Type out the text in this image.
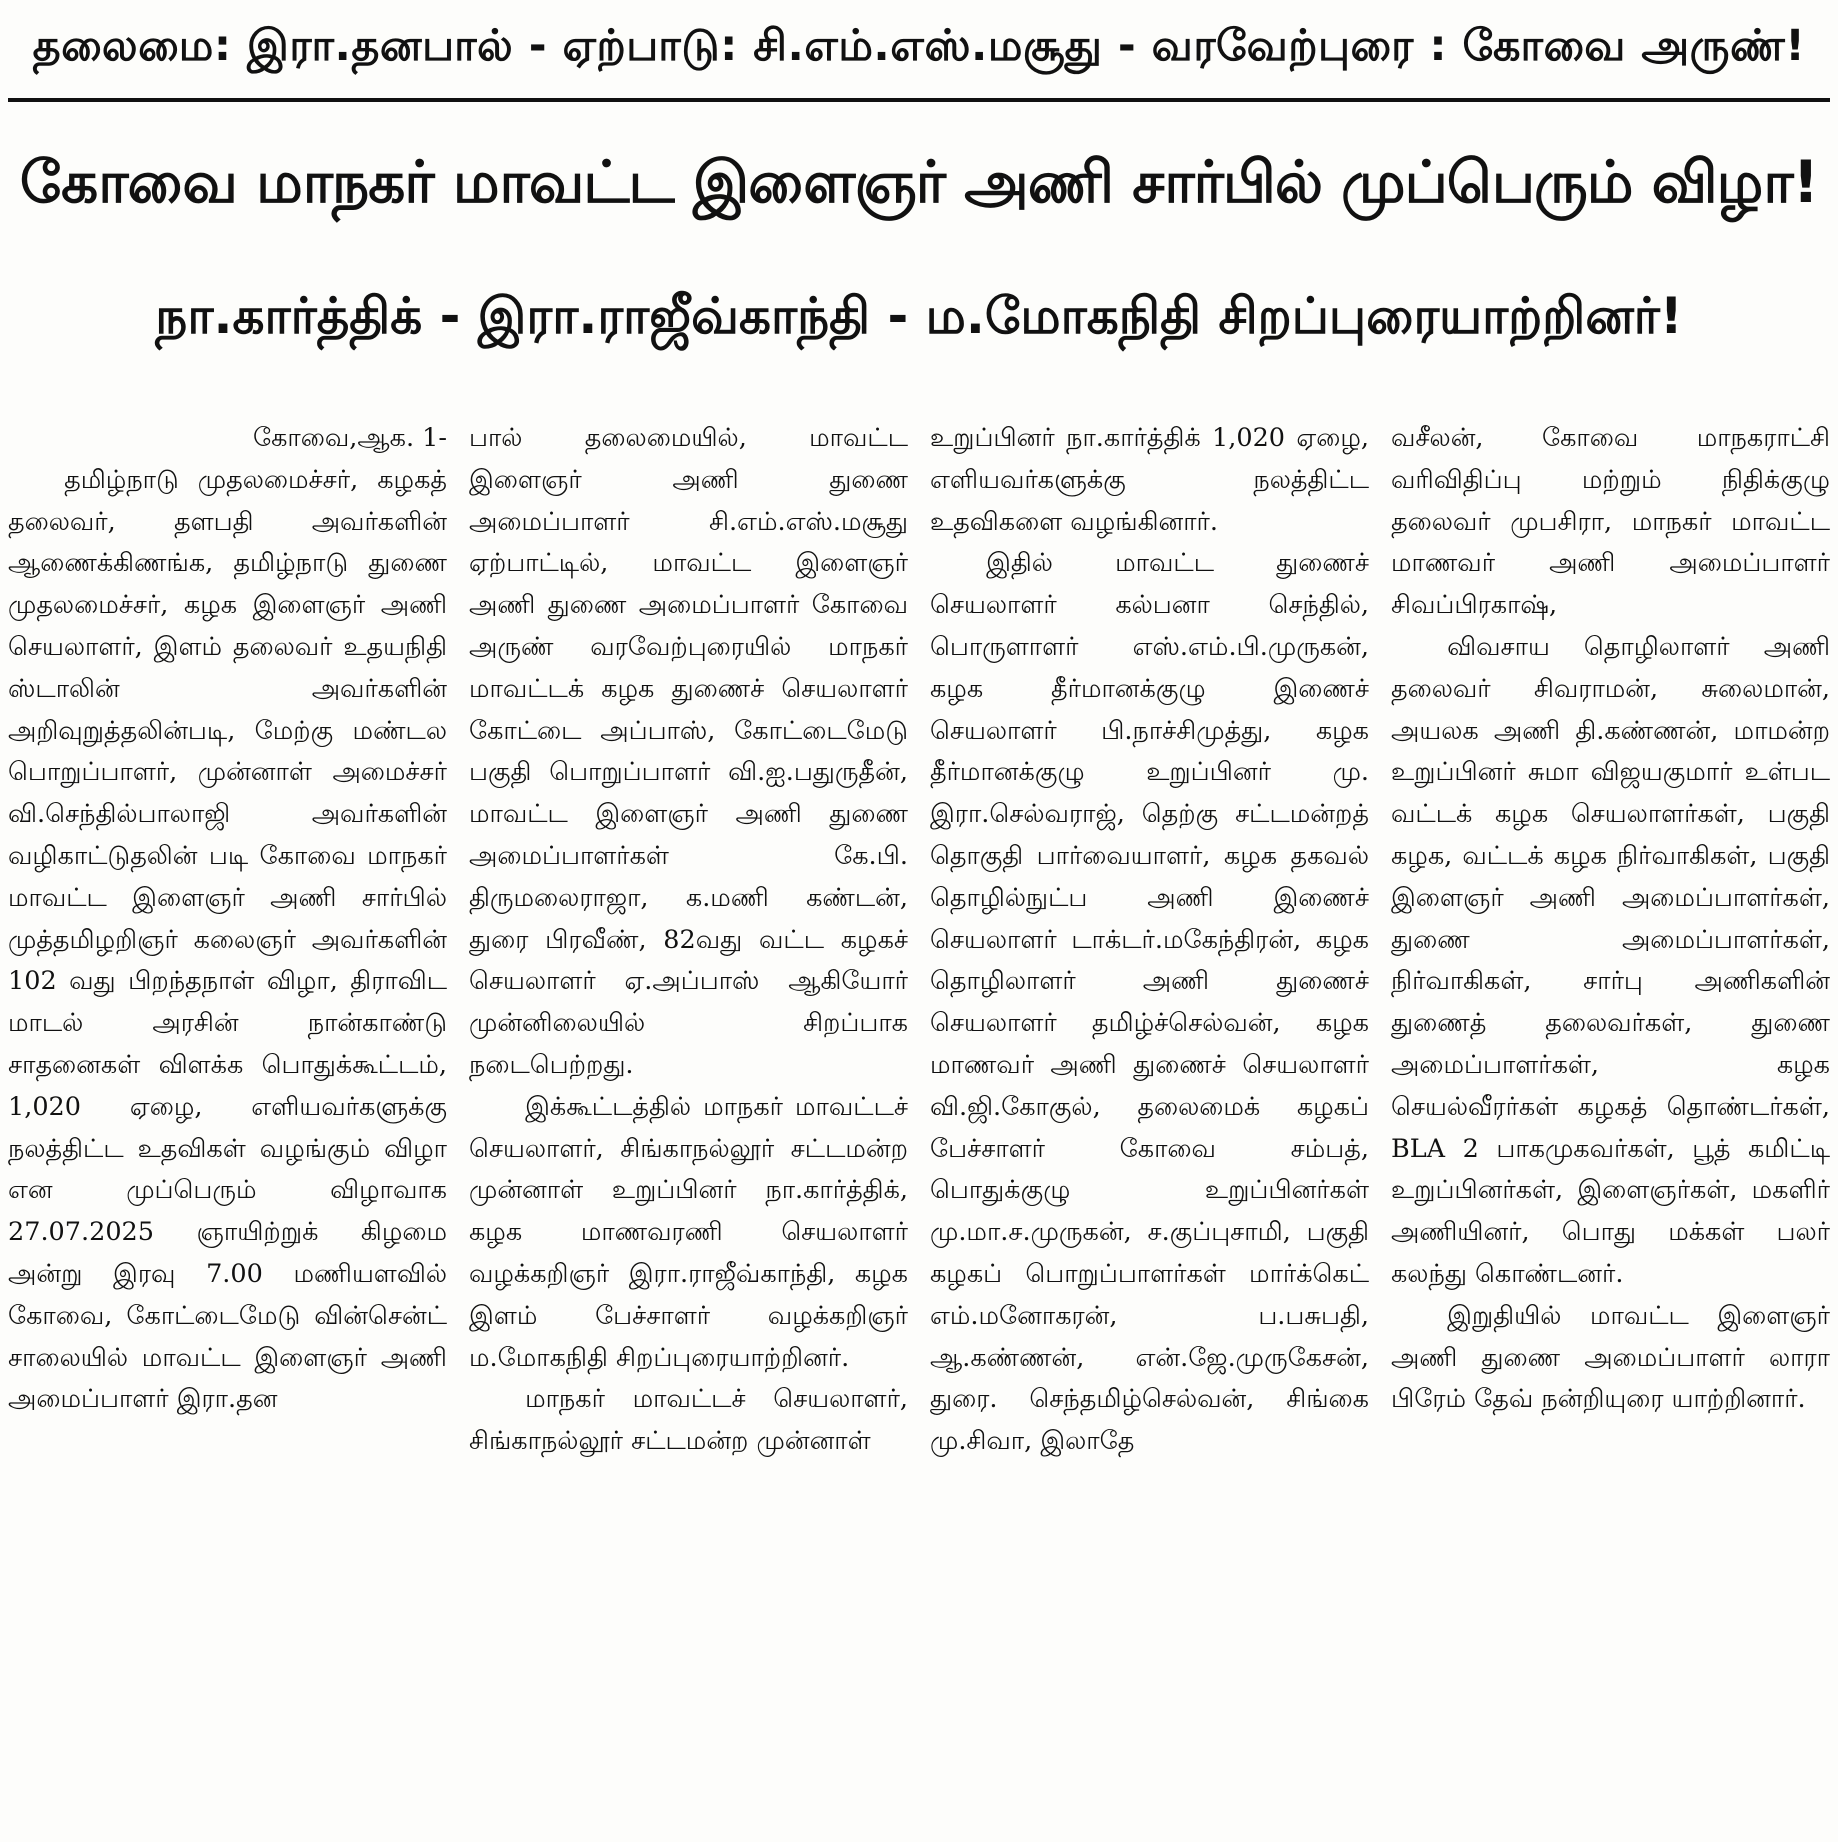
தலைமை: இரா.தனபால் - ஏற்பாடு: சி.எம்.எஸ்.மசூது - வரவேற்புரை : கோவை அருண்!
கோவை மாநகர் மாவட்ட இளைஞர் அணி சார்பில் முப்பெரும் விழா!
நா.கார்த்திக் - இரா.ராஜீவ்காந்தி - ம.மோகநிதி சிறப்புரையாற்றினர்!

கோவை,ஆக. 1-

தமிழ்நாடு முதலமைச்சர், கழகத் தலைவர், தளபதி அவர்களின் ஆணைக்கிணங்க, தமிழ்நாடு துணை முதலமைச்சர், கழக இளைஞர் அணி செயலாளர், இளம் தலைவர் உதயநிதி ஸ்டாலின் அவர்களின் அறிவுறுத்தலின்படி, மேற்கு மண்டல பொறுப்பாளர், முன்னாள் அமைச்சர் வி.செந்தில்பாலாஜி அவர்களின் வழிகாட்டுதலின் படி கோவை மாநகர் மாவட்ட இளைஞர் அணி சார்பில் முத்தமிழறிஞர் கலைஞர் அவர்களின் 102 வது பிறந்தநாள் விழா, திராவிட மாடல் அரசின் நான்காண்டு சாதனைகள் விளக்க பொதுக்கூட்டம், 1,020 ஏழை, எளியவர்களுக்கு நலத்திட்ட உதவிகள் வழங்கும் விழா என முப்பெரும் விழாவாக 27.07.2025 ஞாயிற்றுக் கிழமை அன்று இரவு 7.00 மணியளவில் கோவை, கோட்டைமேடு வின்சென்ட் சாலையில் மாவட்ட இளைஞர் அணி அமைப்பாளர் இரா.தன

பால் தலைமையில், மாவட்ட இளைஞர் அணி துணை அமைப்பாளர் சி.எம்.எஸ்.மசூது ஏற்பாட்டில், மாவட்ட இளைஞர் அணி துணை அமைப்பாளர் கோவை அருண் வரவேற்புரையில் மாநகர் மாவட்டக் கழக துணைச் செயலாளர் கோட்டை அப்பாஸ், கோட்டைமேடு பகுதி பொறுப்பாளர் வி.ஐ.பதுருதீன், மாவட்ட இளைஞர் அணி துணை அமைப்பாளர்கள் கே.பி. திருமலைராஜா, க.மணி கண்டன், துரை பிரவீண், 82வது வட்ட கழகச் செயலாளர் ஏ.அப்பாஸ் ஆகியோர் முன்னிலையில் சிறப்பாக நடைபெற்றது.

இக்கூட்டத்தில் மாநகர் மாவட்டச் செயலாளர், சிங்காநல்லூர் சட்டமன்ற முன்னாள் உறுப்பினர் நா.கார்த்திக், கழக மாணவரணி செயலாளர் வழக்கறிஞர் இரா.ராஜீவ்காந்தி, கழக இளம் பேச்சாளர் வழக்கறிஞர் ம.மோகநிதி சிறப்புரையாற்றினர்.

மாநகர் மாவட்டச் செயலாளர், சிங்காநல்லூர் சட்டமன்ற முன்னாள்

உறுப்பினர் நா.கார்த்திக் 1,020 ஏழை, எளியவர்களுக்கு நலத்திட்ட உதவிகளை வழங்கினார்.

இதில் மாவட்ட துணைச் செயலாளர் கல்பனா செந்தில், பொருளாளர் எஸ்.எம்.பி.முருகன், கழக தீர்மானக்குழு இணைச் செயலாளர் பி.நாச்சிமுத்து, கழக தீர்மானக்குழு உறுப்பினர் மு. இரா.செல்வராஜ், தெற்கு சட்டமன்றத் தொகுதி பார்வையாளர், கழக தகவல் தொழில்நுட்ப அணி இணைச் செயலாளர் டாக்டர்.மகேந்திரன், கழக தொழிலாளர் அணி துணைச் செயலாளர் தமிழ்ச்செல்வன், கழக மாணவர் அணி துணைச் செயலாளர் வி.ஜி.கோகுல், தலைமைக் கழகப் பேச்சாளர் கோவை சம்பத், பொதுக்குழு உறுப்பினர்கள் மு.மா.ச.முருகன், ச.குப்புசாமி, பகுதி கழகப் பொறுப்பாளர்கள் மார்க்கெட் எம்.மனோகரன், ப.பசுபதி, ஆ.கண்ணன், என்.ஜே.முருகேசன், துரை. செந்தமிழ்செல்வன், சிங்கை மு.சிவா, இலாதே

வசீலன், கோவை மாநகராட்சி வரிவிதிப்பு மற்றும் நிதிக்குழு தலைவர் முபசிரா, மாநகர் மாவட்ட மாணவர் அணி அமைப்பாளர் சிவப்பிரகாஷ்,

விவசாய தொழிலாளர் அணி தலைவர் சிவராமன், சுலைமான், அயலக அணி தி.கண்ணன், மாமன்ற உறுப்பினர் சுமா விஜயகுமார் உள்பட வட்டக் கழக செயலாளர்கள், பகுதி கழக, வட்டக் கழக நிர்வாகிகள், பகுதி இளைஞர் அணி அமைப்பாளர்கள், துணை அமைப்பாளர்கள், நிர்வாகிகள், சார்பு அணிகளின் துணைத் தலைவர்கள், துணை அமைப்பாளர்கள், கழக செயல்வீரர்கள் கழகத் தொண்டர்கள், BLA 2 பாகமுகவர்கள், பூத் கமிட்டி உறுப்பினர்கள், இளைஞர்கள், மகளிர் அணியினர், பொது மக்கள் பலர் கலந்து கொண்டனர்.

இறுதியில் மாவட்ட இளைஞர் அணி துணை அமைப்பாளர் லாரா பிரேம் தேவ் நன்றியுரை யாற்றினார்.
